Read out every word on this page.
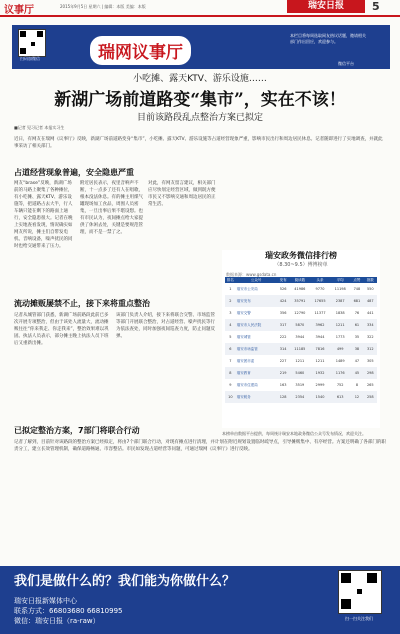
议事厅	2015年9月5日 星期六 | 编辑：本版 美编：本版	瑞安日报	5
扫码加微信	瑞网议事厅
本栏目将每周选取网友热议话题，邀请相关部门作出回应，欢迎参与。
微信平台
小吃摊、露天KTV、游乐设施……
新湖广场前道路变“集市”，实在不该！
目前该路段乱点整治方案已拟定
■记者 见习记者 本报实习生
近日，有网友在瑞网《议事厅》反映，新湖广场前道路变身“集市”，小吃摊、露天KTV、游乐设施等占道经营现象严重，影响市民出行和周边居民休息。记者随即进行了实地调查，并就此事采访了相关部门。
占道经营现象普遍，安全隐患严重
网友“brase”反映，新湖广场前的马路上聚集了各种摊位，有小吃摊、露天KTV、游乐设施等，把道路占去大半，行人车辆只能在剩下的路面上通行，安全隐患很大。记者在晚上实地查看发现，情况确实如网友所说，摊主们自带发电机、音响设备，噪声扰民的同时也给交通带来了压力。
附近居民表示，夜里音响声不断，十一点多了还有人在唱歌，根本没法休息。有的摊主用煤气罐现场加工食品，周围人员密集，一旦出事后果不堪设想。也有市民认为，夜间摊点给大家提供了休闲去处，关键是要规范管理，而不是一禁了之。
对此，有网友留言建议，相关部门应尽快划定经营区域，做到既方便市民又不影响交通和周边居民的正常生活。
流动摊贩屡禁不止，接下来将重点整治
记者从城管部门获悉，新湖广场前路段此前已多次开展专项整治，但由于该处人流量大，流动摊贩往往“你来我走、你走我来”，整治效果难以巩固。执法人员表示，部分摊主晚上执法人员下班后又重新出摊。
该部门负责人介绍，接下来将联合交警、市场监管等部门开展联合整治，对占道经营、噪声扰民等行为依法查处，同时加强夜间巡查力度，防止问题反弹。
已拟定整治方案，7部门将联合行动
记者了解到，目前针对该路段的整治方案已经拟定，将由7个部门联合行动，对现有摊点进行清理，并计划在附近规划设置临时疏导点，引导摊贩集中、有序经营。方案还明确了各部门的职责分工，建立长效管理机制，确保道路畅通、市容整洁。市民如发现占道经营等问题，可通过瑞网《议事厅》进行反映。
瑞安政务微信排行榜
（8.30~9.5）傅博榜单
数据来源：www.gsdata.cn
排名	公众号	发布	阅读数	头条	平均	点赞	指数
1	瑞安市公安局	526	41986	9770	11198	748	550
2	瑞安发布	424	35791	17655	2387	681	487
3	瑞安交警	356	12790	11377	1838	76	441
4	瑞安市人民法院	317	5870	3962	1211	61	334
5	瑞安城管	222	3944	3944	1773	35	322
6	瑞安市场监管	314	11185	7816	499	38	312
7	瑞安团市委	227	1211	1211	1489	47	305
8	瑞安教育	219	5460	1932	1176	45	298
9	瑞安市住建局	163	3519	2999	752	8	265
10	瑞安税务	128	2354	1540	613	12	258
本榜单由数据平台提供，每周统计瑞安本地政务微信公众号发布情况，欢迎关注。
我们是做什么的？我们能为你做什么？
瑞安日报新媒体中心
联系方式：66803680 66810995
微信：瑞安日报（ra-raw）	扫一扫关注我们
